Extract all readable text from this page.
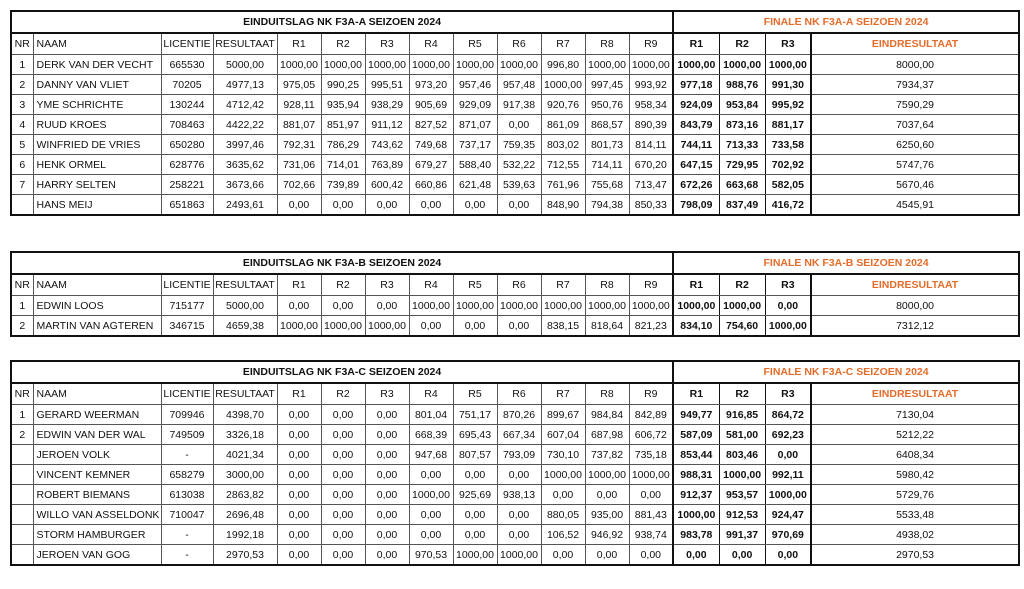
EINDUITSLAG NK F3A-A SEIZOEN 2024													FINALE NK F3A-A SEIZOEN 2024			
NR	NAAM	LICENTIE	RESULTAAT	R1	R2	R3	R4	R5	R6	R7	R8	R9	R1	R2	R3	EINDRESULTAAT
1	DERK VAN DER VECHT	665530	5000,00	1000,00	1000,00	1000,00	1000,00	1000,00	1000,00	996,80	1000,00	1000,00	1000,00	1000,00	1000,00	8000,00
2	DANNY VAN VLIET	70205	4977,13	975,05	990,25	995,51	973,20	957,46	957,48	1000,00	997,45	993,92	977,18	988,76	991,30	7934,37
3	YME SCHRICHTE	130244	4712,42	928,11	935,94	938,29	905,69	929,09	917,38	920,76	950,76	958,34	924,09	953,84	995,92	7590,29
4	RUUD KROES	708463	4422,22	881,07	851,97	911,12	827,52	871,07	0,00	861,09	868,57	890,39	843,79	873,16	881,17	7037,64
5	WINFRIED DE VRIES	650280	3997,46	792,31	786,29	743,62	749,68	737,17	759,35	803,02	801,73	814,11	744,11	713,33	733,58	6250,60
6	HENK ORMEL	628776	3635,62	731,06	714,01	763,89	679,27	588,40	532,22	712,55	714,11	670,20	647,15	729,95	702,92	5747,76
7	HARRY SELTEN	258221	3673,66	702,66	739,89	600,42	660,86	621,48	539,63	761,96	755,68	713,47	672,26	663,68	582,05	5670,46
	HANS MEIJ	651863	2493,61	0,00	0,00	0,00	0,00	0,00	0,00	848,90	794,38	850,33	798,09	837,49	416,72	4545,91
EINDUITSLAG NK F3A-B SEIZOEN 2024													FINALE NK F3A-B SEIZOEN 2024			
NR	NAAM	LICENTIE	RESULTAAT	R1	R2	R3	R4	R5	R6	R7	R8	R9	R1	R2	R3	EINDRESULTAAT
1	EDWIN LOOS	715177	5000,00	0,00	0,00	0,00	1000,00	1000,00	1000,00	1000,00	1000,00	1000,00	1000,00	1000,00	0,00	8000,00
2	MARTIN VAN AGTEREN	346715	4659,38	1000,00	1000,00	1000,00	0,00	0,00	0,00	838,15	818,64	821,23	834,10	754,60	1000,00	7312,12
EINDUITSLAG NK F3A-C SEIZOEN 2024													FINALE NK F3A-C SEIZOEN 2024			
NR	NAAM	LICENTIE	RESULTAAT	R1	R2	R3	R4	R5	R6	R7	R8	R9	R1	R2	R3	EINDRESULTAAT
1	GERARD WEERMAN	709946	4398,70	0,00	0,00	0,00	801,04	751,17	870,26	899,67	984,84	842,89	949,77	916,85	864,72	7130,04
2	EDWIN VAN DER WAL	749509	3326,18	0,00	0,00	0,00	668,39	695,43	667,34	607,04	687,98	606,72	587,09	581,00	692,23	5212,22
	JEROEN VOLK	-	4021,34	0,00	0,00	0,00	947,68	807,57	793,09	730,10	737,82	735,18	853,44	803,46	0,00	6408,34
	VINCENT KEMNER	658279	3000,00	0,00	0,00	0,00	0,00	0,00	0,00	1000,00	1000,00	1000,00	988,31	1000,00	992,11	5980,42
	ROBERT BIEMANS	613038	2863,82	0,00	0,00	0,00	1000,00	925,69	938,13	0,00	0,00	0,00	912,37	953,57	1000,00	5729,76
	WILLO VAN ASSELDONK	710047	2696,48	0,00	0,00	0,00	0,00	0,00	0,00	880,05	935,00	881,43	1000,00	912,53	924,47	5533,48
	STORM HAMBURGER	-	1992,18	0,00	0,00	0,00	0,00	0,00	0,00	106,52	946,92	938,74	983,78	991,37	970,69	4938,02
	JEROEN VAN GOG	-	2970,53	0,00	0,00	0,00	970,53	1000,00	1000,00	0,00	0,00	0,00	0,00	0,00	0,00	2970,53
